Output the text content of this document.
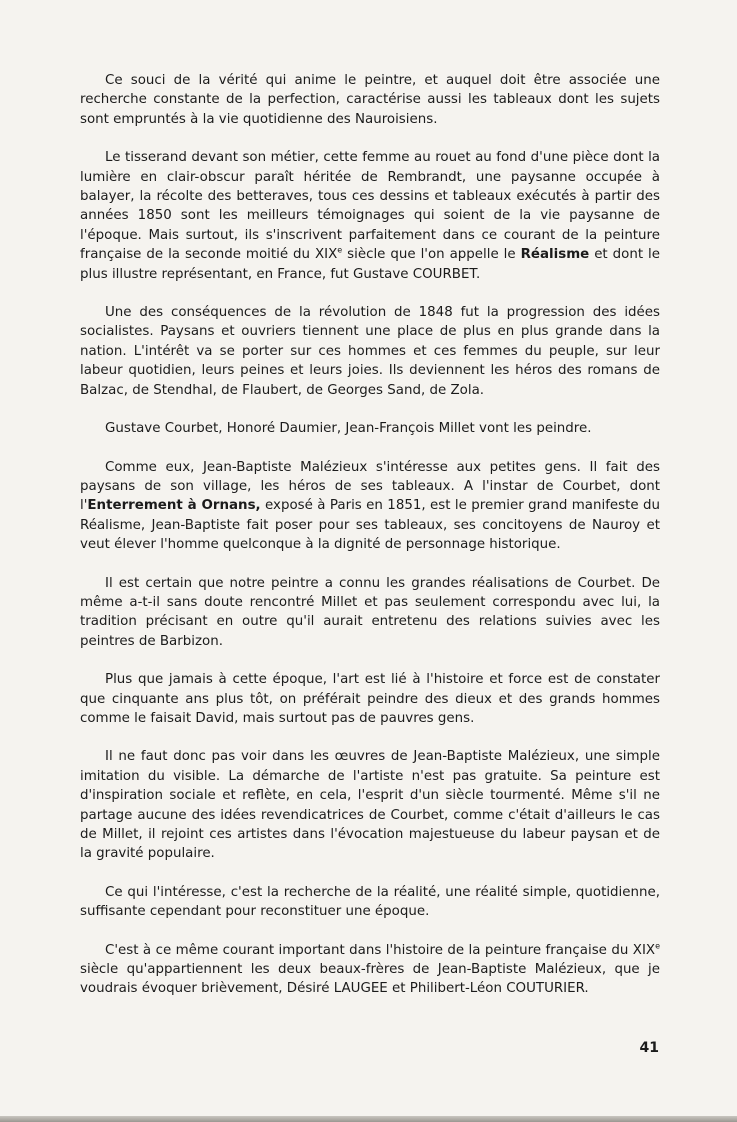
Ce souci de la vérité qui anime le peintre, et auquel doit être associée une recherche constante de la perfection, caractérise aussi les tableaux dont les sujets sont empruntés à la vie quotidienne des Nauroisiens.

Le tisserand devant son métier, cette femme au rouet au fond d'une pièce dont la lumière en clair-obscur paraît héritée de Rembrandt, une paysanne occupée à balayer, la récolte des betteraves, tous ces dessins et tableaux exécutés à partir des années 1850 sont les meilleurs témoignages qui soient de la vie paysanne de l'époque. Mais surtout, ils s'inscrivent parfaitement dans ce courant de la peinture française de la seconde moitié du XIXe siècle que l'on appelle le Réalisme et dont le plus illustre représentant, en France, fut Gustave COURBET.

Une des conséquences de la révolution de 1848 fut la progression des idées socialistes. Paysans et ouvriers tiennent une place de plus en plus grande dans la nation. L'intérêt va se porter sur ces hommes et ces femmes du peuple, sur leur labeur quotidien, leurs peines et leurs joies. Ils deviennent les héros des romans de Balzac, de Stendhal, de Flaubert, de Georges Sand, de Zola.

Gustave Courbet, Honoré Daumier, Jean-François Millet vont les peindre.

Comme eux, Jean-Baptiste Malézieux s'intéresse aux petites gens. Il fait des paysans de son village, les héros de ses tableaux. A l'instar de Courbet, dont l'Enterrement à Ornans, exposé à Paris en 1851, est le premier grand manifeste du Réalisme, Jean-Baptiste fait poser pour ses tableaux, ses concitoyens de Nauroy et veut élever l'homme quelconque à la dignité de personnage historique.

Il est certain que notre peintre a connu les grandes réalisations de Courbet. De même a-t-il sans doute rencontré Millet et pas seulement correspondu avec lui, la tradition précisant en outre qu'il aurait entretenu des relations suivies avec les peintres de Barbizon.

Plus que jamais à cette époque, l'art est lié à l'histoire et force est de constater que cinquante ans plus tôt, on préférait peindre des dieux et des grands hommes comme le faisait David, mais surtout pas de pauvres gens.

Il ne faut donc pas voir dans les œuvres de Jean-Baptiste Malézieux, une simple imitation du visible. La démarche de l'artiste n'est pas gratuite. Sa peinture est d'inspiration sociale et reflète, en cela, l'esprit d'un siècle tourmenté. Même s'il ne partage aucune des idées revendicatrices de Courbet, comme c'était d'ailleurs le cas de Millet, il rejoint ces artistes dans l'évocation majestueuse du labeur paysan et de la gravité populaire.

Ce qui l'intéresse, c'est la recherche de la réalité, une réalité simple, quotidienne, suffisante cependant pour reconstituer une époque.

C'est à ce même courant important dans l'histoire de la peinture française du XIXe siècle qu'appartiennent les deux beaux-frères de Jean-Baptiste Malézieux, que je voudrais évoquer brièvement, Désiré LAUGEE et Philibert-Léon COUTURIER.

41
